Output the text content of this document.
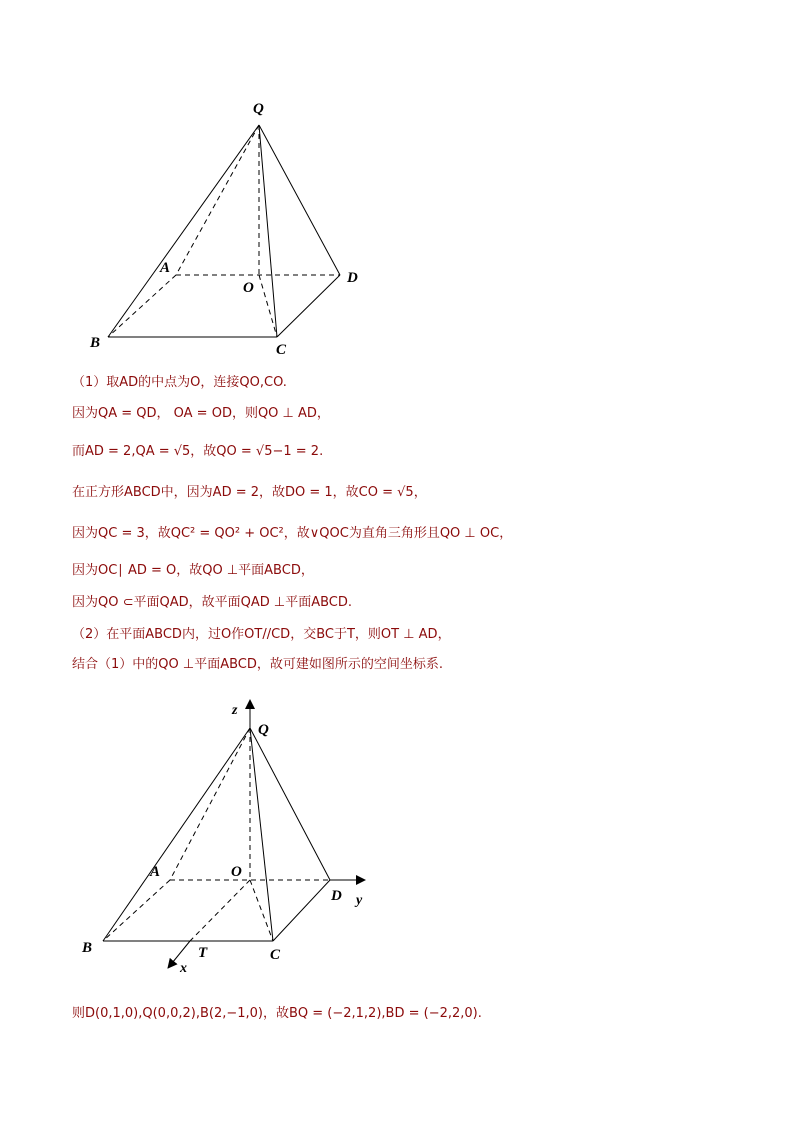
Q
A
O
D
B	C
z
Q
A	O
D y
B	T	C
x
（1）取AD的中点为O，连接QO,CO.
因为QA = QD， OA = OD，则QO ⊥ AD，
而AD = 2,QA = √5，故QO = √5−1 = 2.
在正方形ABCD中，因为AD = 2，故DO = 1，故CO = √5，
因为QC = 3，故QC² = QO² + OC²，故∨QOC为直角三角形且QO ⊥ OC，
因为OC∣ AD = O，故QO ⊥平面ABCD，
因为QO ⊂平面QAD，故平面QAD ⊥平面ABCD.
（2）在平面ABCD内，过O作OT//CD，交BC于T，则OT ⊥ AD，
结合（1）中的QO ⊥平面ABCD，故可建如图所示的空间坐标系.
则D(0,1,0),Q(0,0,2),B(2,−1,0)，故BQ = (−2,1,2),BD = (−2,2,0).
